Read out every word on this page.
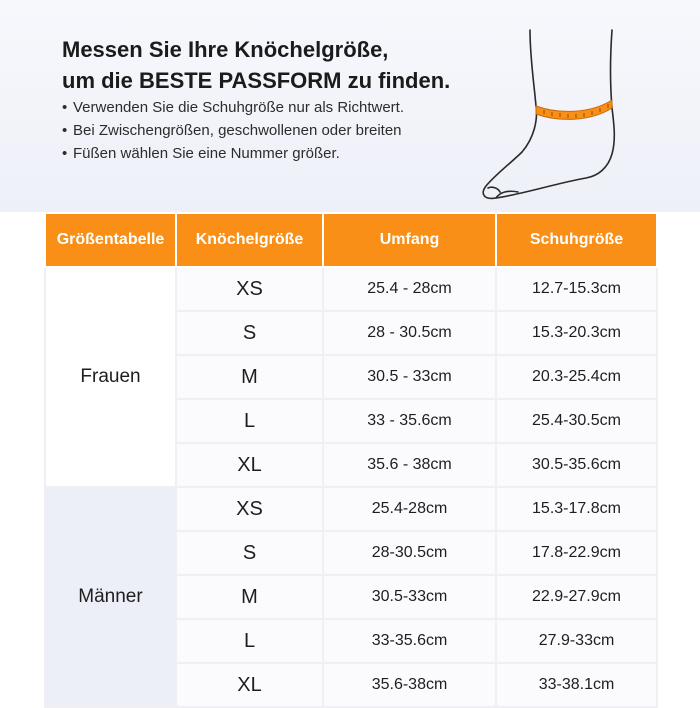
Messen Sie Ihre Knöchelgröße,
um die BESTE PASSFORM zu finden.
• Verwenden Sie die Schuhgröße nur als Richtwert.
• Bei Zwischengrößen, geschwollenen oder breiten
• Füßen wählen Sie eine Nummer größer.
Größentabelle	Knöchelgröße	Umfang	Schuhgröße
Frauen	XS	25.4 - 28cm	12.7-15.3cm
	S	28 - 30.5cm	15.3-20.3cm
	M	30.5 - 33cm	20.3-25.4cm
	L	33 - 35.6cm	25.4-30.5cm
	XL	35.6 - 38cm	30.5-35.6cm
Männer	XS	25.4-28cm	15.3-17.8cm
	S	28-30.5cm	17.8-22.9cm
	M	30.5-33cm	22.9-27.9cm
	L	33-35.6cm	27.9-33cm
	XL	35.6-38cm	33-38.1cm
